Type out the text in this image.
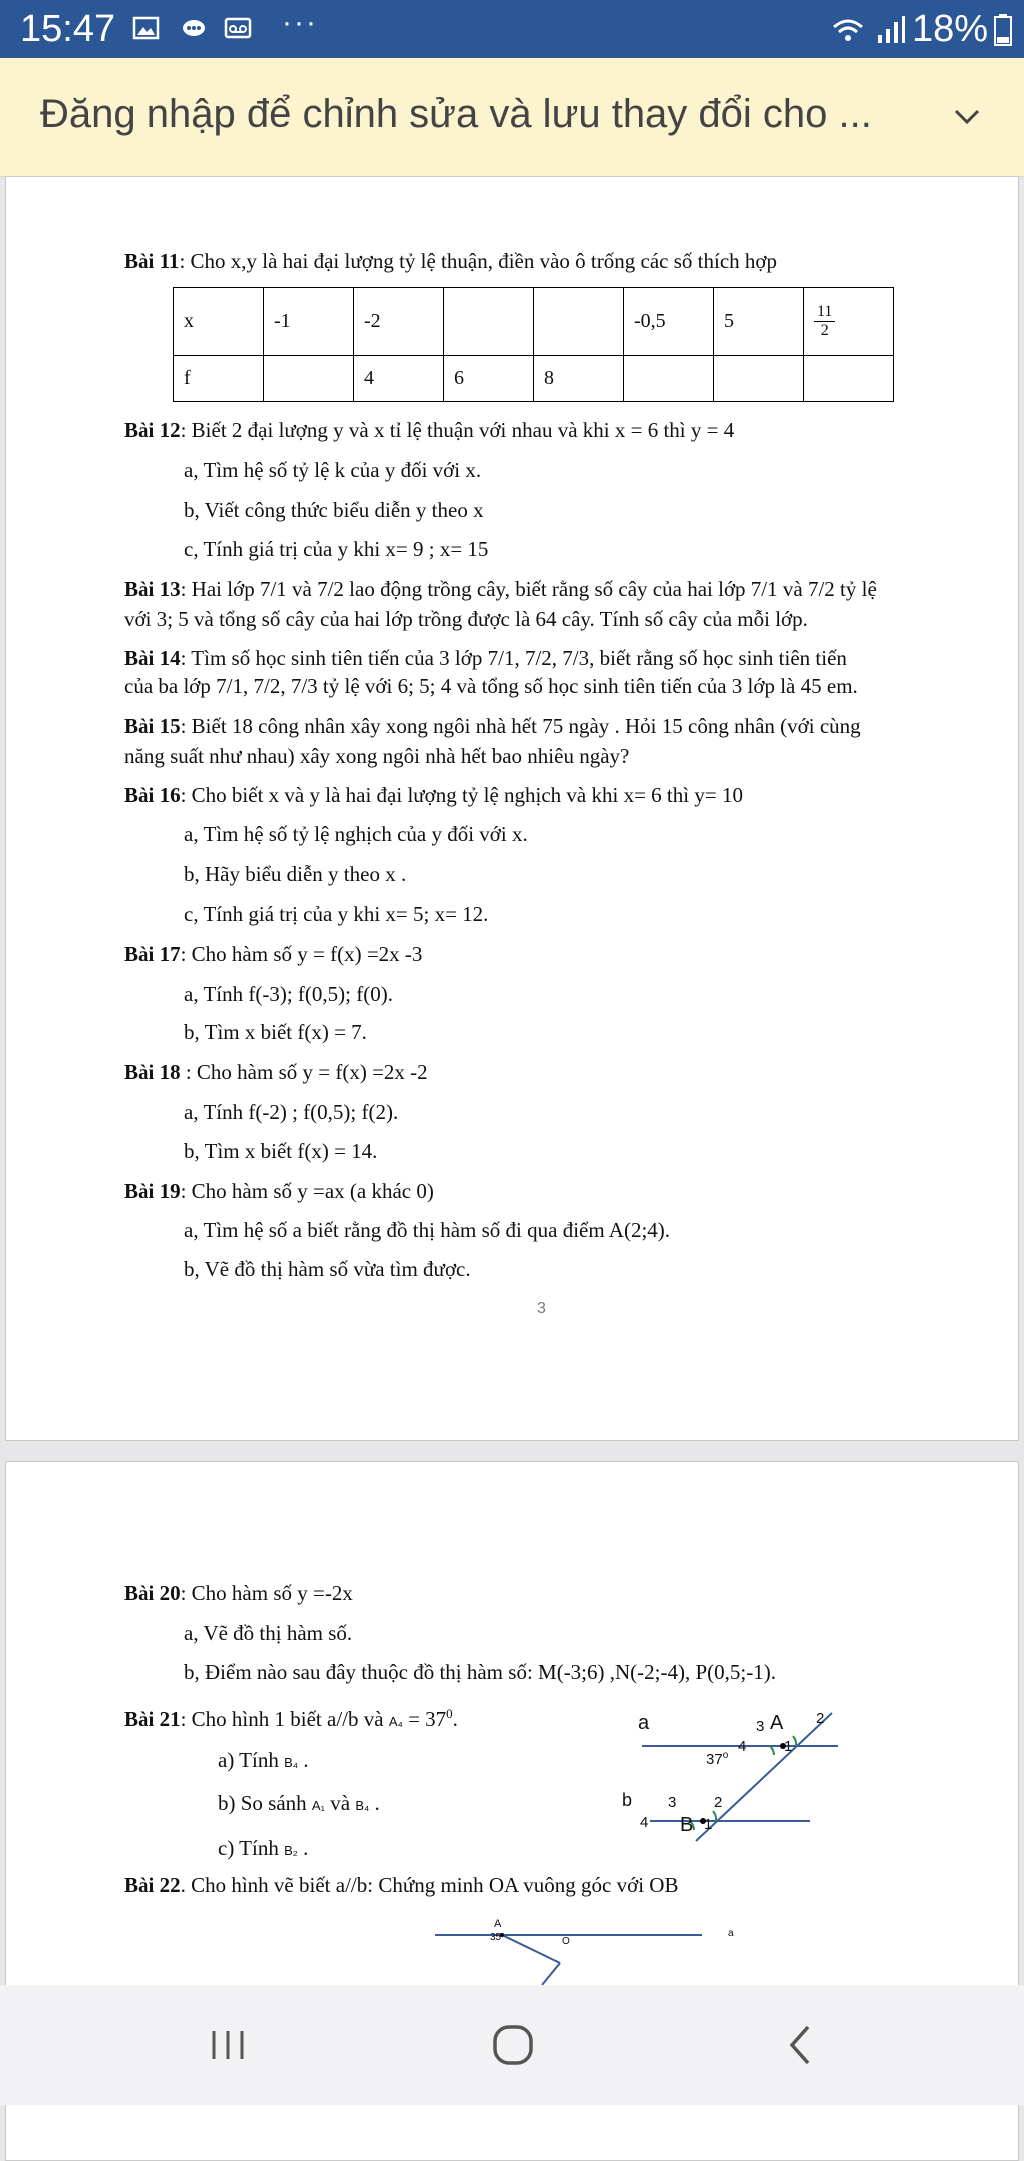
15:47	···	18%
Đăng nhập để chỉnh sửa và lưu thay đổi cho ...
Bài 11: Cho x,y là hai đại lượng tỷ lệ thuận, điền vào ô trống các số thích hợp
x	-1	-2			-0,5	5	$\frac{11}{2}$

f		4	6	8			
Bài 12: Biết 2 đại lượng y và x tỉ lệ thuận với nhau và khi x = 6 thì y = 4
a, Tìm hệ số tỷ lệ k của y đối với x.
b, Viết công thức biểu diễn y theo x
c, Tính giá trị của y khi x= 9 ; x= 15
Bài 13: Hai lớp 7/1 và 7/2 lao động trồng cây, biết rằng số cây của hai lớp 7/1 và 7/2 tỷ lệ
với 3; 5 và tổng số cây của hai lớp trồng được là 64 cây. Tính số cây của mỗi lớp.
Bài 14: Tìm số học sinh tiên tiến của 3 lớp 7/1, 7/2, 7/3, biết rằng số học sinh tiên tiến
của ba lớp 7/1, 7/2, 7/3 tỷ lệ với 6; 5; 4 và tổng số học sinh tiên tiến của 3 lớp là 45 em.
Bài 15: Biết 18 công nhân xây xong ngôi nhà hết 75 ngày . Hỏi 15 công nhân (với cùng
năng suất như nhau) xây xong ngôi nhà hết bao nhiêu ngày?
Bài 16: Cho biết x và y là hai đại lượng tỷ lệ nghịch và khi x= 6 thì y= 10
a, Tìm hệ số tỷ lệ nghịch của y đối với x.
b, Hãy biểu diễn y theo x .
c, Tính giá trị của y khi x= 5; x= 12.
Bài 17: Cho hàm số y = f(x) =2x -3
a, Tính f(-3); f(0,5); f(0).
b, Tìm x biết f(x) = 7.
Bài 18 : Cho hàm số y = f(x) =2x -2
a, Tính f(-2) ; f(0,5); f(2).
b, Tìm x biết f(x) = 14.
Bài 19: Cho hàm số y =ax (a khác 0)
a, Tìm hệ số a biết rằng đồ thị hàm số đi qua điểm A(2;4).
b, Vẽ đồ thị hàm số vừa tìm được.
3
Bài 20: Cho hàm số y =-2x
a, Vẽ đồ thị hàm số.
b, Điểm nào sau đây thuộc đồ thị hàm số: M(-3;6) ,N(-2;-4), P(0,5;-1).
Bài 21: Cho hình 1 biết a//b và $A_4 = 37^0$.
a) Tính B₄ .
b) So sánh A₁ và B₄ .
c) Tính B₂ .
a	A
3	2
4	1
37$^o$
b 3	2
4 B 1
Bài 22. Cho hình vẽ biết a//b: Chứng minh OA vuông góc với OB
A
35	O
a
